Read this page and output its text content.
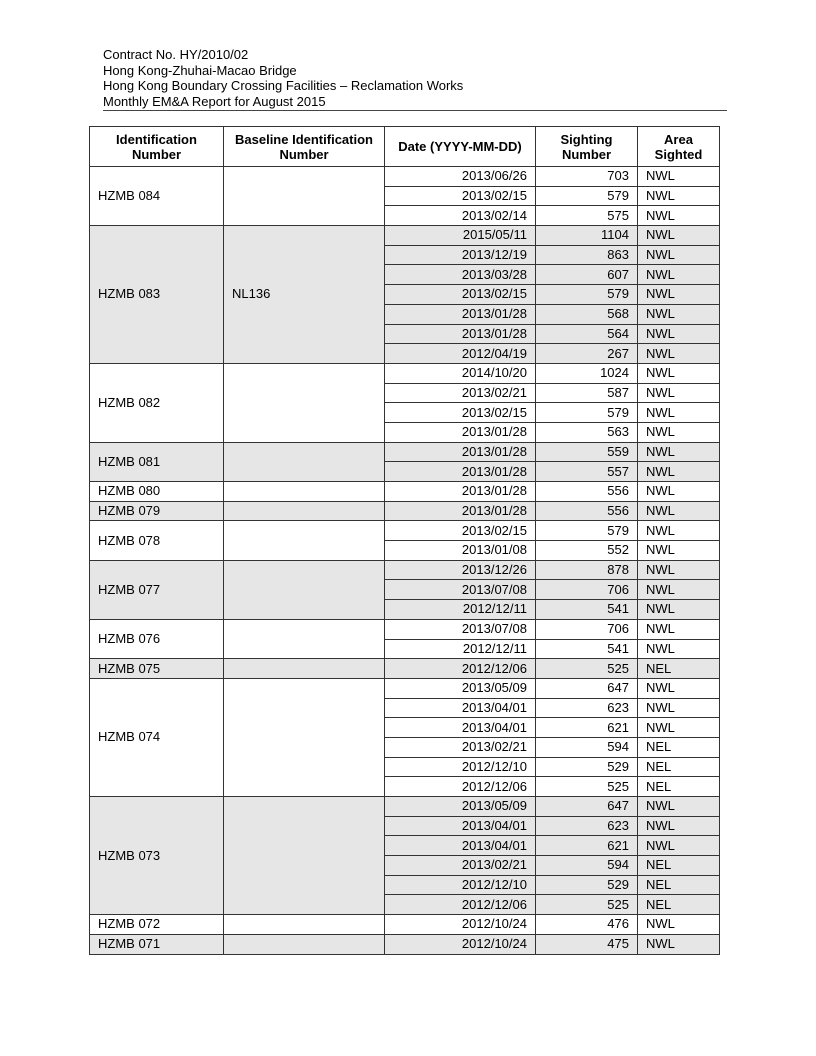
Contract No. HY/2010/02
Hong Kong-Zhuhai-Macao Bridge
Hong Kong Boundary Crossing Facilities – Reclamation Works
Monthly EM&A Report for August 2015
Identification Number	Baseline Identification Number	Date (YYYY-MM-DD)	Sighting Number	Area Sighted
HZMB 084		2013/06/26	703	NWL
		2013/02/15	579	NWL
		2013/02/14	575	NWL
HZMB 083	NL136	2015/05/11	1104	NWL
		2013/12/19	863	NWL
		2013/03/28	607	NWL
		2013/02/15	579	NWL
		2013/01/28	568	NWL
		2013/01/28	564	NWL
		2012/04/19	267	NWL
HZMB 082		2014/10/20	1024	NWL
		2013/02/21	587	NWL
		2013/02/15	579	NWL
		2013/01/28	563	NWL
HZMB 081		2013/01/28	559	NWL
		2013/01/28	557	NWL
HZMB 080		2013/01/28	556	NWL
HZMB 079		2013/01/28	556	NWL
HZMB 078		2013/02/15	579	NWL
		2013/01/08	552	NWL
HZMB 077		2013/12/26	878	NWL
		2013/07/08	706	NWL
		2012/12/11	541	NWL
HZMB 076		2013/07/08	706	NWL
		2012/12/11	541	NWL
HZMB 075		2012/12/06	525	NEL
HZMB 074		2013/05/09	647	NWL
		2013/04/01	623	NWL
		2013/04/01	621	NWL
		2013/02/21	594	NEL
		2012/12/10	529	NEL
		2012/12/06	525	NEL
HZMB 073		2013/05/09	647	NWL
		2013/04/01	623	NWL
		2013/04/01	621	NWL
		2013/02/21	594	NEL
		2012/12/10	529	NEL
		2012/12/06	525	NEL
HZMB 072		2012/10/24	476	NWL
HZMB 071		2012/10/24	475	NWL
